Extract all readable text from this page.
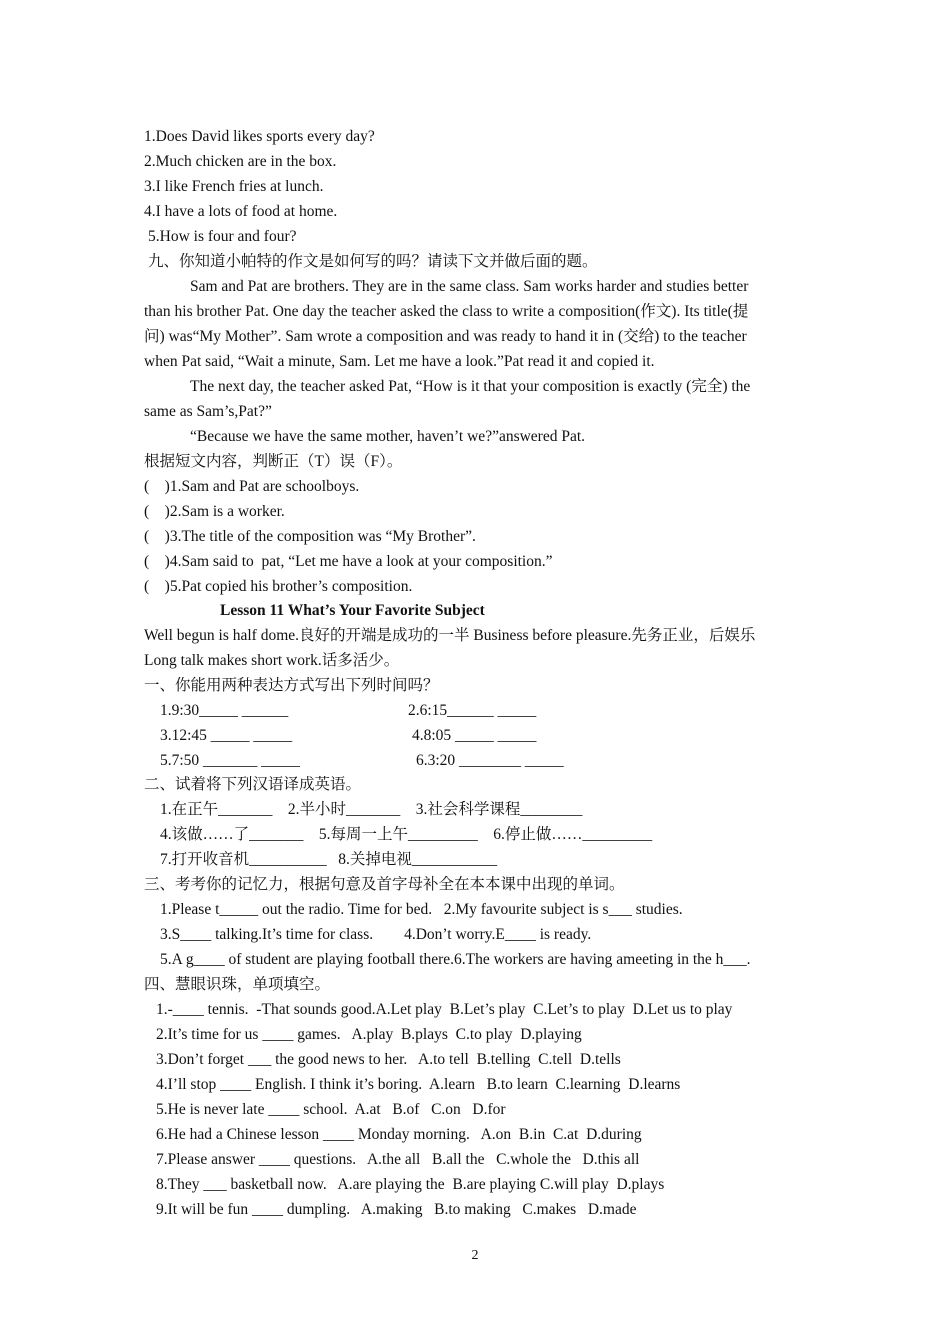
1.Does David likes sports every day?
2.Much chicken are in the box.
3.I like French fries at lunch.
4.I have a lots of food at home.
5.How is four and four?
九、你知道小帕特的作文是如何写的吗？请读下文并做后面的题。
Sam and Pat are brothers. They are in the same class. Sam works harder and studies better
than his brother Pat. One day the teacher asked the class to write a composition(作文). Its title(提
问) was“My Mother”. Sam wrote a composition and was ready to hand it in (交给) to the teacher
when Pat said, “Wait a minute, Sam. Let me have a look.”Pat read it and copied it.
The next day, the teacher asked Pat, “How is it that your composition is exactly (完全) the
same as Sam’s,Pat?”
“Because we have the same mother, haven’t we?”answered Pat.
根据短文内容，判断正（T）误（F）。
(    )1.Sam and Pat are schoolboys.
(    )2.Sam is a worker.
(    )3.The title of the composition was “My Brother”.
(    )4.Sam said to  pat, “Let me have a look at your composition.”
(    )5.Pat copied his brother’s composition.
Lesson 11 What’s Your Favorite Subject
Well begun is half dome.良好的开端是成功的一半 Business before pleasure.先务正业，后娱乐
Long talk makes short work.话多活少。
一、你能用两种表达方式写出下列时间吗？
1.9:30_____ ______	2.6:15______ _____
3.12:45 _____ _____	4.8:05 _____ _____
5.7:50 _______ _____	6.3:20 ________ _____
二、试着将下列汉语译成英语。
1.在正午_______    2.半小时_______    3.社会科学课程________
4.该做……了_______    5.每周一上午_________    6.停止做……_________
7.打开收音机__________   8.关掉电视___________
三、考考你的记忆力，根据句意及首字母补全在本本课中出现的单词。
1.Please t_____ out the radio. Time for bed.   2.My favourite subject is s___ studies.
3.S____ talking.It’s time for class.        4.Don’t worry.E____ is ready.
5.A g____ of student are playing football there.6.The workers are having ameeting in the h___.
四、慧眼识珠，单项填空。
1.-____ tennis.  -That sounds good.A.Let play  B.Let’s play  C.Let’s to play  D.Let us to play
2.It’s time for us ____ games.   A.play  B.plays  C.to play  D.playing
3.Don’t forget ___ the good news to her.   A.to tell  B.telling  C.tell  D.tells
4.I’ll stop ____ English. I think it’s boring.  A.learn   B.to learn  C.learning  D.learns
5.He is never late ____ school.  A.at   B.of   C.on   D.for
6.He had a Chinese lesson ____ Monday morning.   A.on  B.in  C.at  D.during
7.Please answer ____ questions.   A.the all   B.all the   C.whole the   D.this all
8.They ___ basketball now.   A.are playing the  B.are playing C.will play  D.plays
9.It will be fun ____ dumpling.   A.making   B.to making   C.makes   D.made
2
